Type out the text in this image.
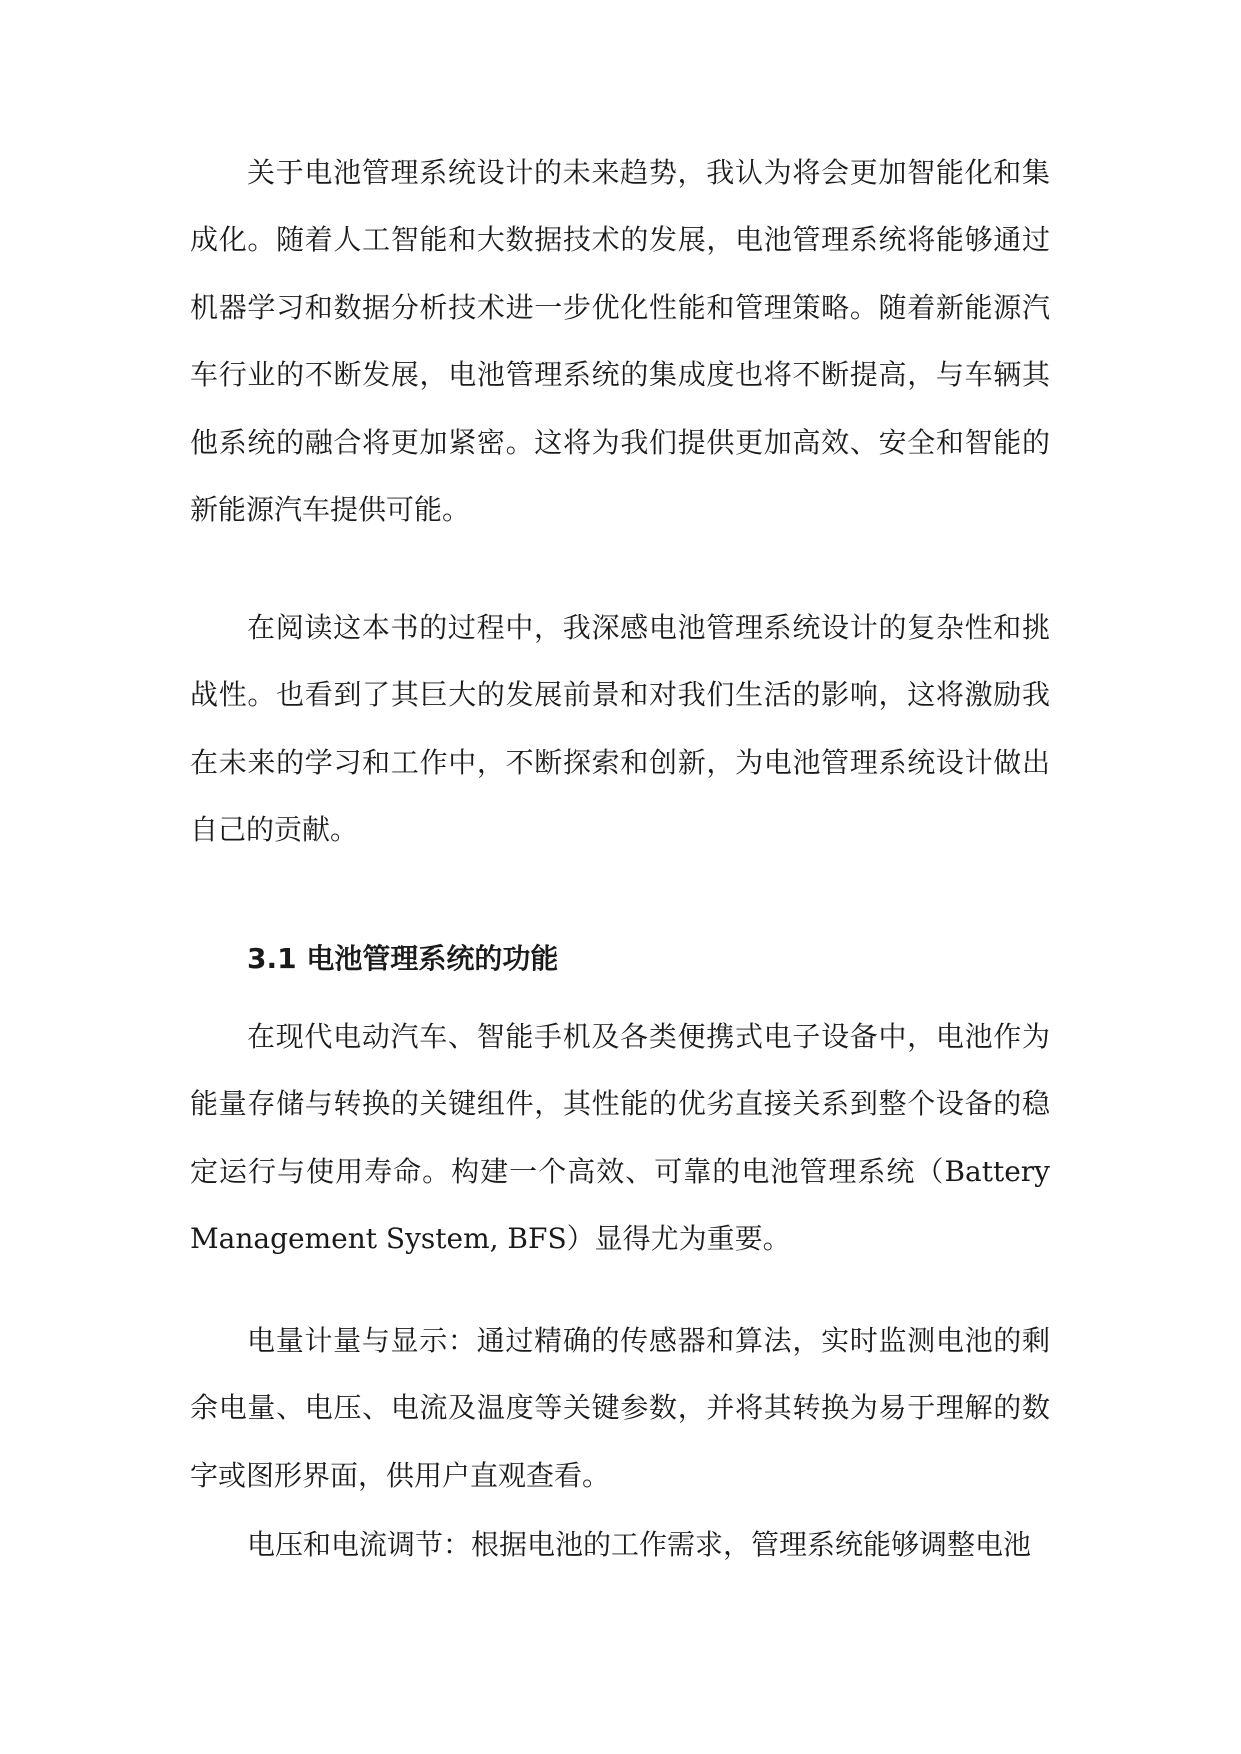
关于电池管理系统设计的未来趋势，我认为将会更加智能化和集成化。随着人工智能和大数据技术的发展，电池管理系统将能够通过机器学习和数据分析技术进一步优化性能和管理策略。随着新能源汽车行业的不断发展，电池管理系统的集成度也将不断提高，与车辆其他系统的融合将更加紧密。这将为我们提供更加高效、安全和智能的新能源汽车提供可能。

在阅读这本书的过程中，我深感电池管理系统设计的复杂性和挑战性。也看到了其巨大的发展前景和对我们生活的影响，这将激励我在未来的学习和工作中，不断探索和创新，为电池管理系统设计做出自己的贡献。

3.1 电池管理系统的功能

在现代电动汽车、智能手机及各类便携式电子设备中，电池作为能量存储与转换的关键组件，其性能的优劣直接关系到整个设备的稳定运行与使用寿命。构建一个高效、可靠的电池管理系统（Battery Management System, BFS）显得尤为重要。

电量计量与显示：通过精确的传感器和算法，实时监测电池的剩余电量、电压、电流及温度等关键参数，并将其转换为易于理解的数字或图形界面，供用户直观查看。

电压和电流调节：根据电池的工作需求，管理系统能够调整电池
